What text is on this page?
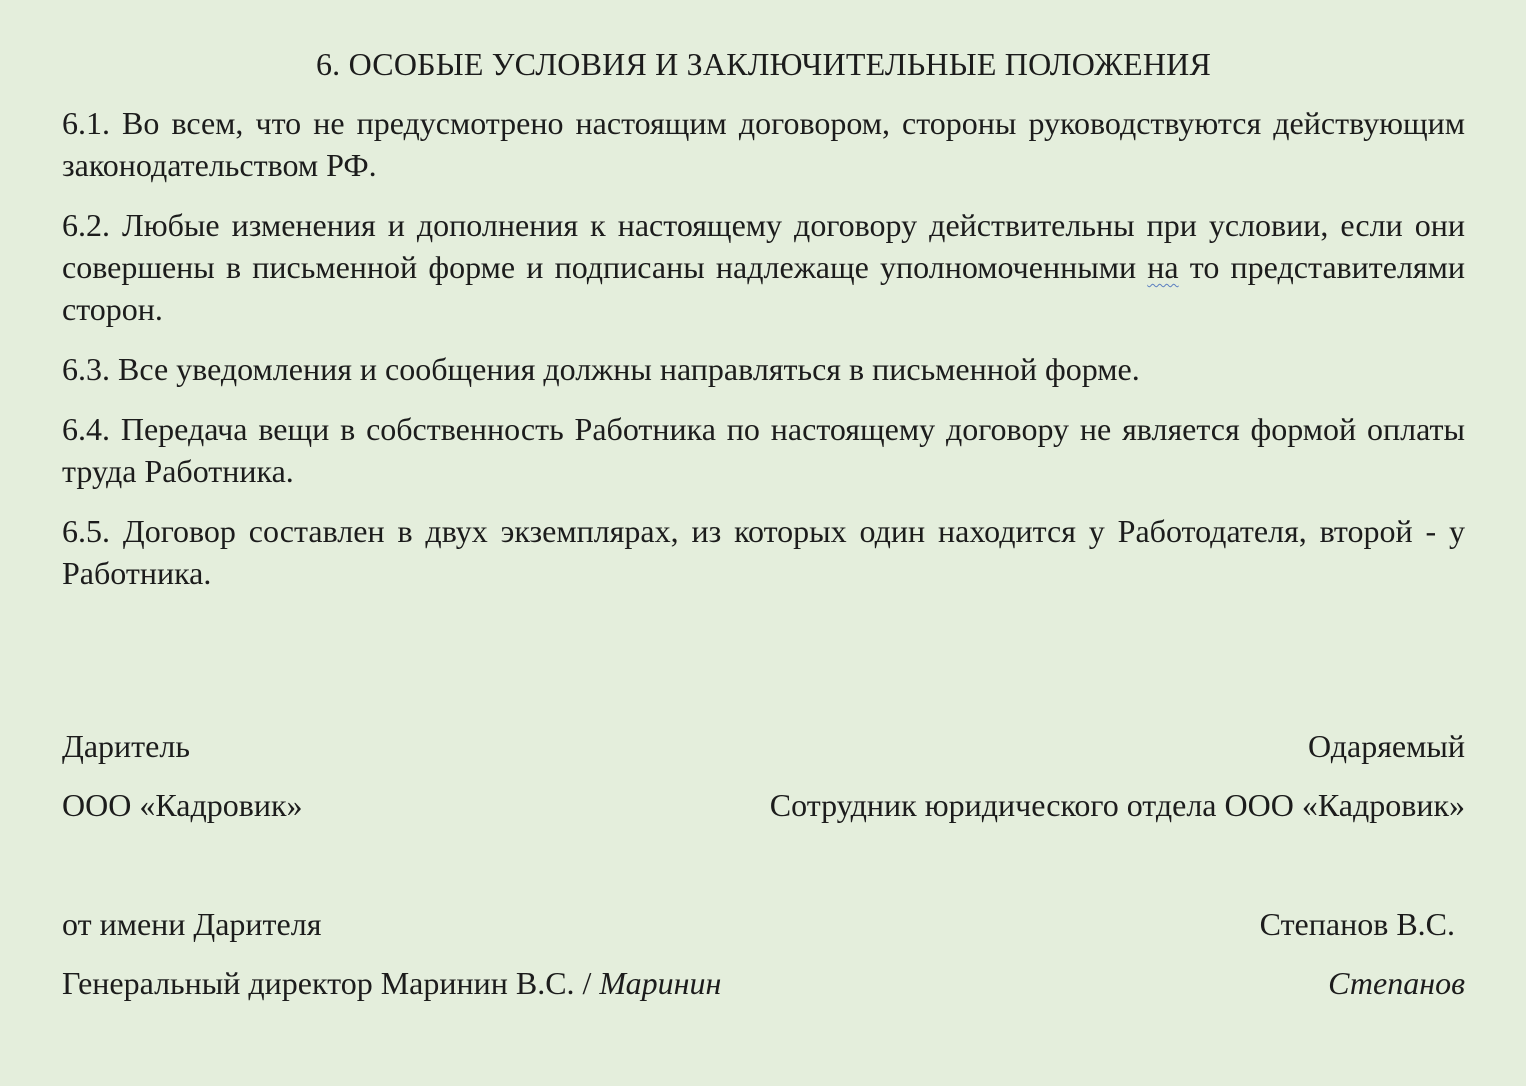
6. ОСОБЫЕ УСЛОВИЯ И ЗАКЛЮЧИТЕЛЬНЫЕ ПОЛОЖЕНИЯ

6.1. Во всем, что не предусмотрено настоящим договором, стороны руководствуются действующим законодательством РФ.

6.2. Любые изменения и дополнения к настоящему договору действительны при условии, если они совершены в письменной форме и подписаны надлежаще уполномоченными на то представителями сторон.

6.3. Все уведомления и сообщения должны направляться в письменной форме.

6.4. Передача вещи в собственность Работника по настоящему договору не является формой оплаты труда Работника.

6.5. Договор составлен в двух экземплярах, из которых один находится у Работодателя, второй - у Работника.

Даритель	Одаряемый
ООО «Кадровик»	Сотрудник юридического отдела ООО «Кадровик»
от имени Дарителя	Степанов В.С.
Генеральный директор Маринин В.С. / Маринин	Степанов
